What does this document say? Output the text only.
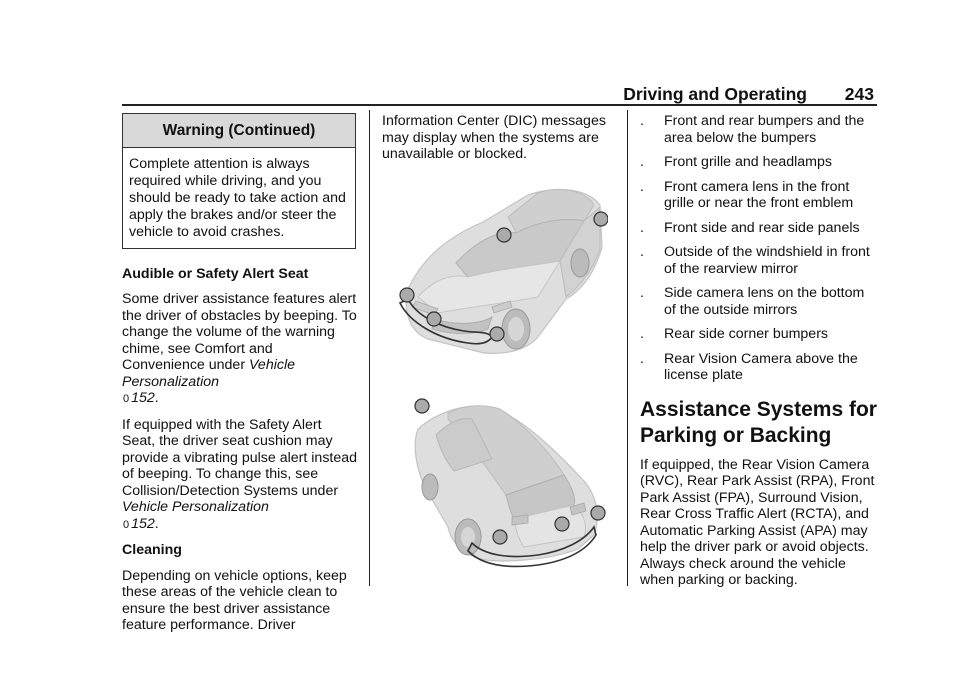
Driving and Operating 243
Warning (Continued)
Complete attention is always required while driving, and you should be ready to take action and apply the brakes and/or steer the vehicle to avoid crashes.

Audible or Safety Alert Seat

Some driver assistance features alert the driver of obstacles by beeping. To change the volume of the warning chime, see Comfort and Convenience under Vehicle Personalization
0 152.

If equipped with the Safety Alert Seat, the driver seat cushion may provide a vibrating pulse alert instead of beeping. To change this, see Collision/Detection Systems under Vehicle Personalization
0 152.

Cleaning

Depending on vehicle options, keep these areas of the vehicle clean to ensure the best driver assistance feature performance. Driver

Information Center (DIC) messages may display when the systems are unavailable or blocked.

. Front and rear bumpers and the area below the bumpers
. Front grille and headlamps
. Front camera lens in the front grille or near the front emblem
. Front side and rear side panels
. Outside of the windshield in front of the rearview mirror
. Side camera lens on the bottom of the outside mirrors
. Rear side corner bumpers
. Rear Vision Camera above the license plate
Assistance Systems for Parking or Backing

If equipped, the Rear Vision Camera (RVC), Rear Park Assist (RPA), Front Park Assist (FPA), Surround Vision, Rear Cross Traffic Alert (RCTA), and Automatic Parking Assist (APA) may help the driver park or avoid objects. Always check around the vehicle when parking or backing.
